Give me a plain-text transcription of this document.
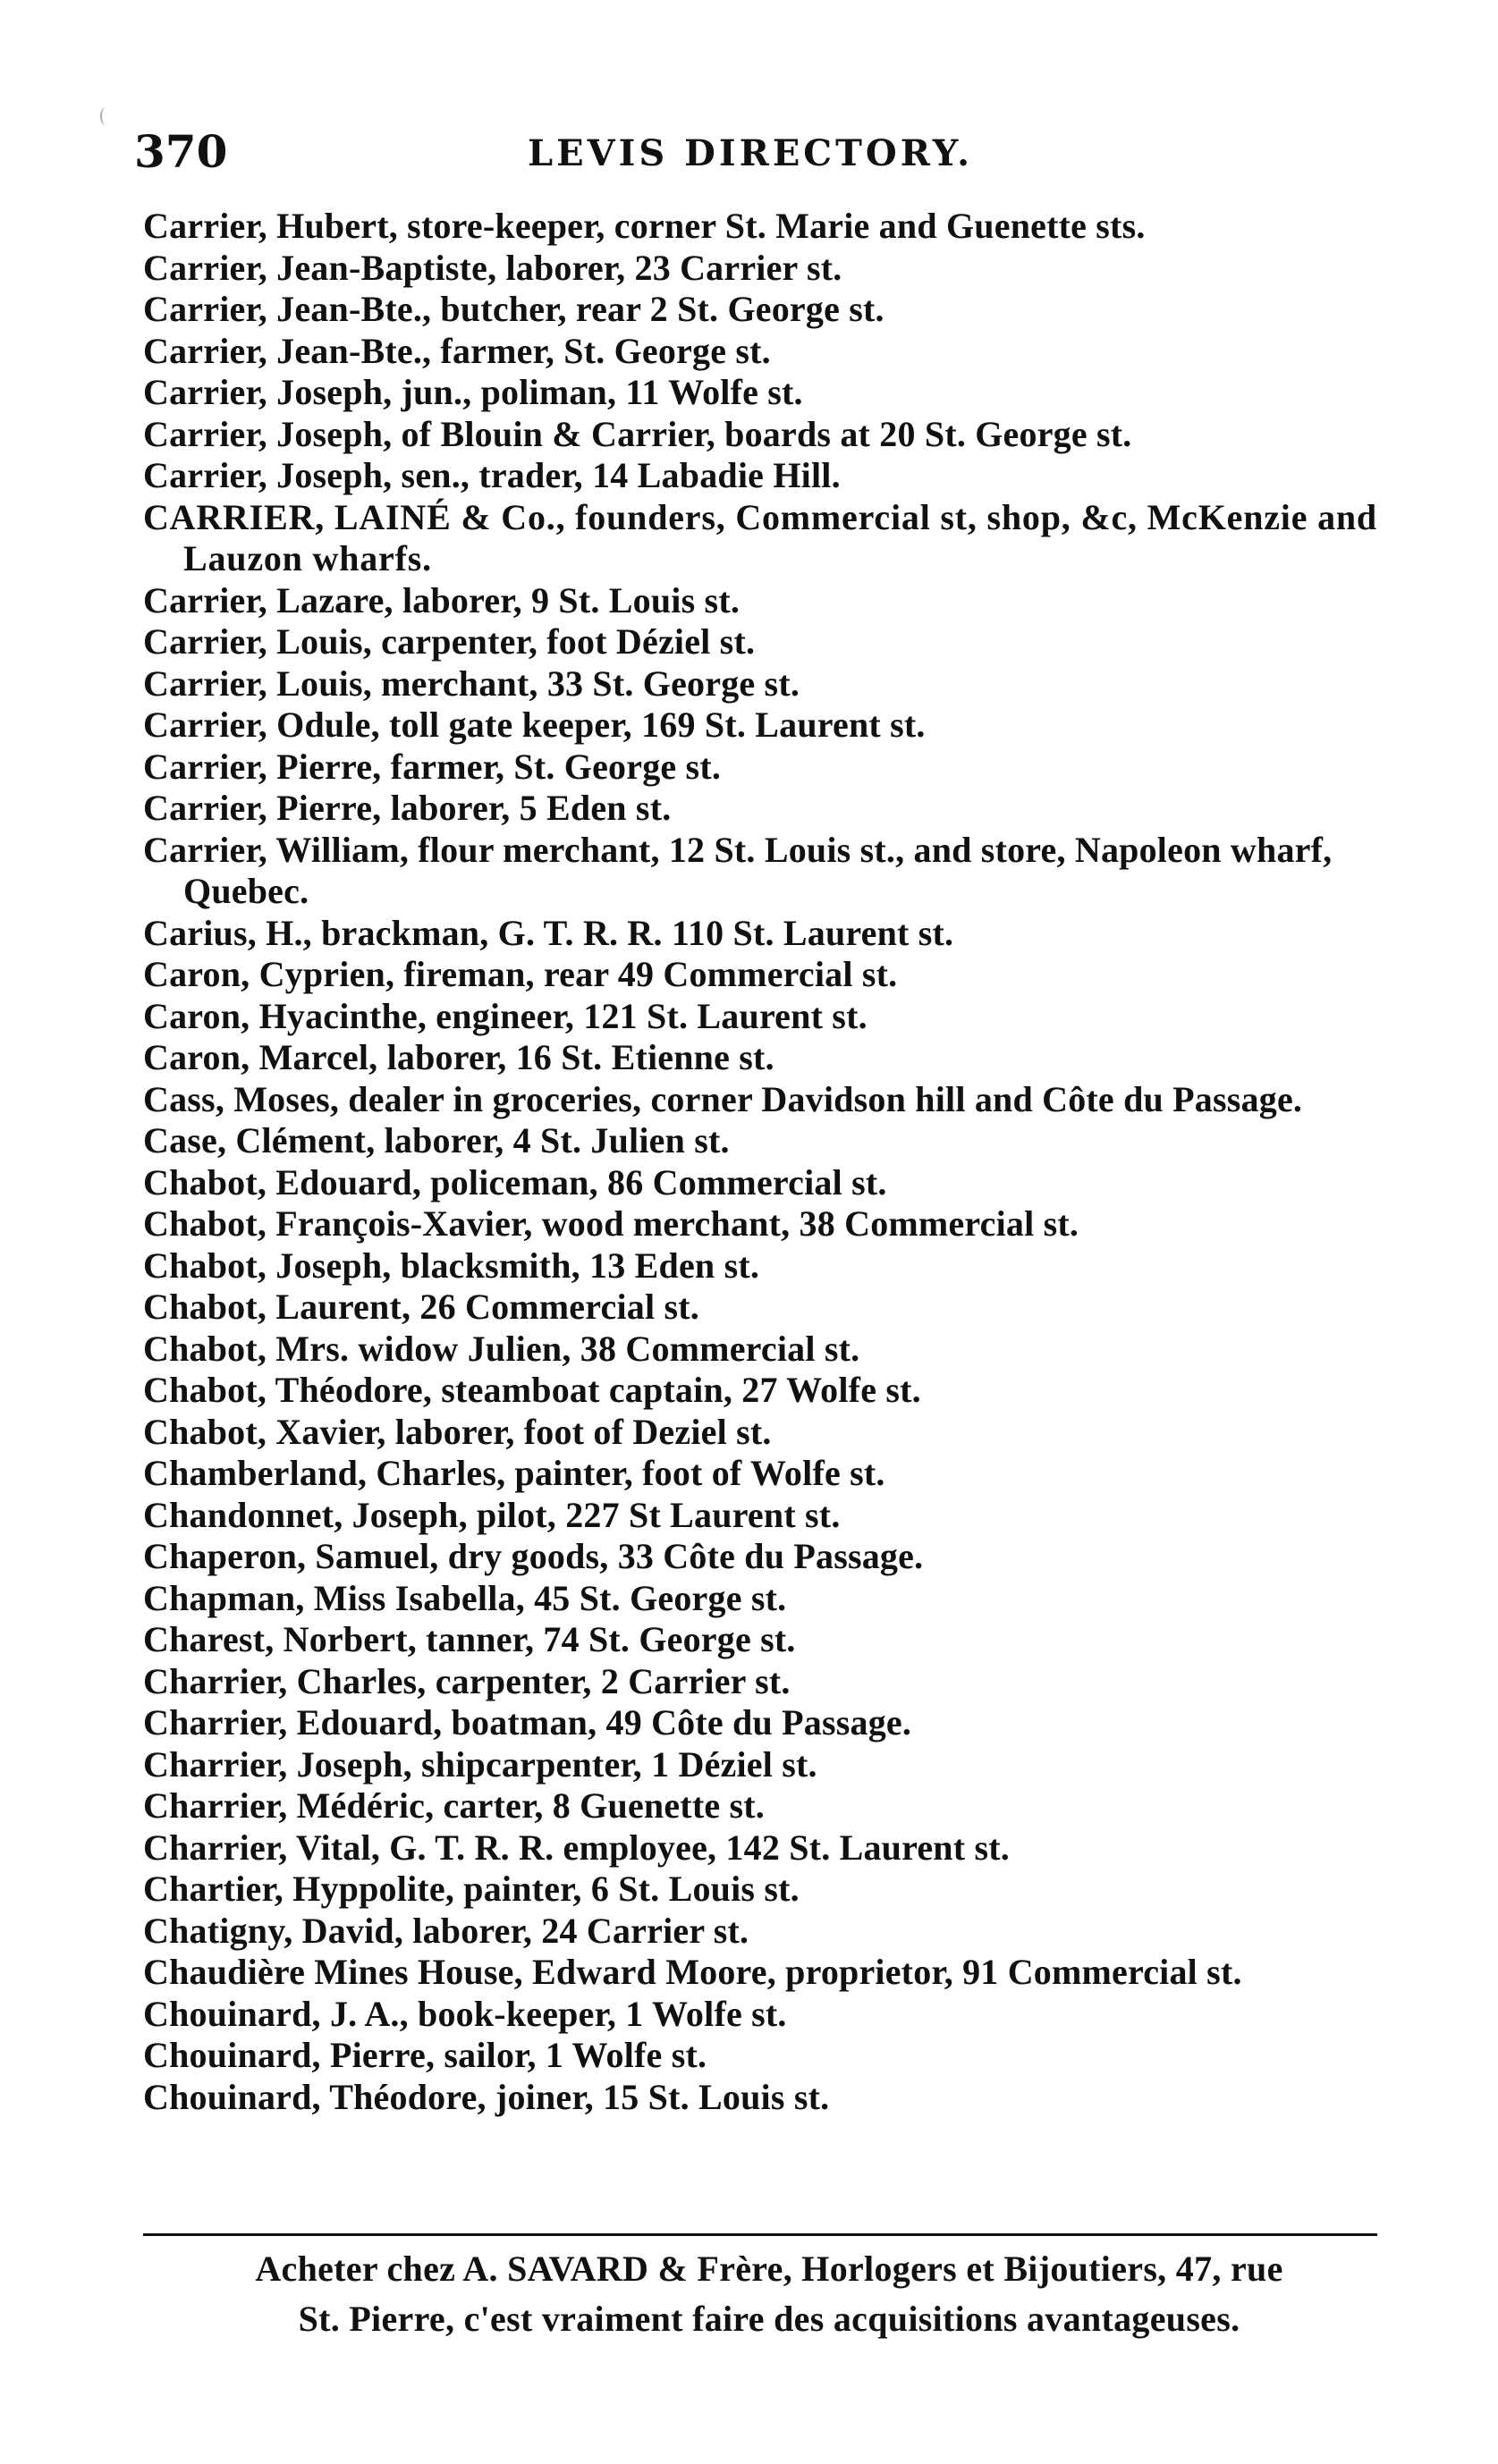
370	LEVIS DIRECTORY.
Carrier, Hubert, store-keeper, corner St. Marie and Guenette sts.
Carrier, Jean-Baptiste, laborer, 23 Carrier st.
Carrier, Jean-Bte., butcher, rear 2 St. George st.
Carrier, Jean-Bte., farmer, St. George st.
Carrier, Joseph, jun., poliman, 11 Wolfe st.
Carrier, Joseph, of Blouin & Carrier, boards at 20 St. George st.
Carrier, Joseph, sen., trader, 14 Labadie Hill.
CARRIER, LAINÉ & Co., founders, Commercial st, shop, &c, McKenzie and Lauzon wharfs.
Carrier, Lazare, laborer, 9 St. Louis st.
Carrier, Louis, carpenter, foot Déziel st.
Carrier, Louis, merchant, 33 St. George st.
Carrier, Odule, toll gate keeper, 169 St. Laurent st.
Carrier, Pierre, farmer, St. George st.
Carrier, Pierre, laborer, 5 Eden st.
Carrier, William, flour merchant, 12 St. Louis st., and store, Napoleon wharf, Quebec.
Carius, H., brackman, G. T. R. R. 110 St. Laurent st.
Caron, Cyprien, fireman, rear 49 Commercial st.
Caron, Hyacinthe, engineer, 121 St. Laurent st.
Caron, Marcel, laborer, 16 St. Etienne st.
Cass, Moses, dealer in groceries, corner Davidson hill and Côte du Passage.
Case, Clément, laborer, 4 St. Julien st.
Chabot, Edouard, policeman, 86 Commercial st.
Chabot, François-Xavier, wood merchant, 38 Commercial st.
Chabot, Joseph, blacksmith, 13 Eden st.
Chabot, Laurent, 26 Commercial st.
Chabot, Mrs. widow Julien, 38 Commercial st.
Chabot, Théodore, steamboat captain, 27 Wolfe st.
Chabot, Xavier, laborer, foot of Deziel st.
Chamberland, Charles, painter, foot of Wolfe st.
Chandonnet, Joseph, pilot, 227 St Laurent st.
Chaperon, Samuel, dry goods, 33 Côte du Passage.
Chapman, Miss Isabella, 45 St. George st.
Charest, Norbert, tanner, 74 St. George st.
Charrier, Charles, carpenter, 2 Carrier st.
Charrier, Edouard, boatman, 49 Côte du Passage.
Charrier, Joseph, shipcarpenter, 1 Déziel st.
Charrier, Médéric, carter, 8 Guenette st.
Charrier, Vital, G. T. R. R. employee, 142 St. Laurent st.
Chartier, Hyppolite, painter, 6 St. Louis st.
Chatigny, David, laborer, 24 Carrier st.
Chaudière Mines House, Edward Moore, proprietor, 91 Commercial st.
Chouinard, J. A., book-keeper, 1 Wolfe st.
Chouinard, Pierre, sailor, 1 Wolfe st.
Chouinard, Théodore, joiner, 15 St. Louis st.
Acheter chez A. SAVARD & Frère, Horlogers et Bijoutiers, 47, rue
St. Pierre, c'est vraiment faire des acquisitions avantageuses.
